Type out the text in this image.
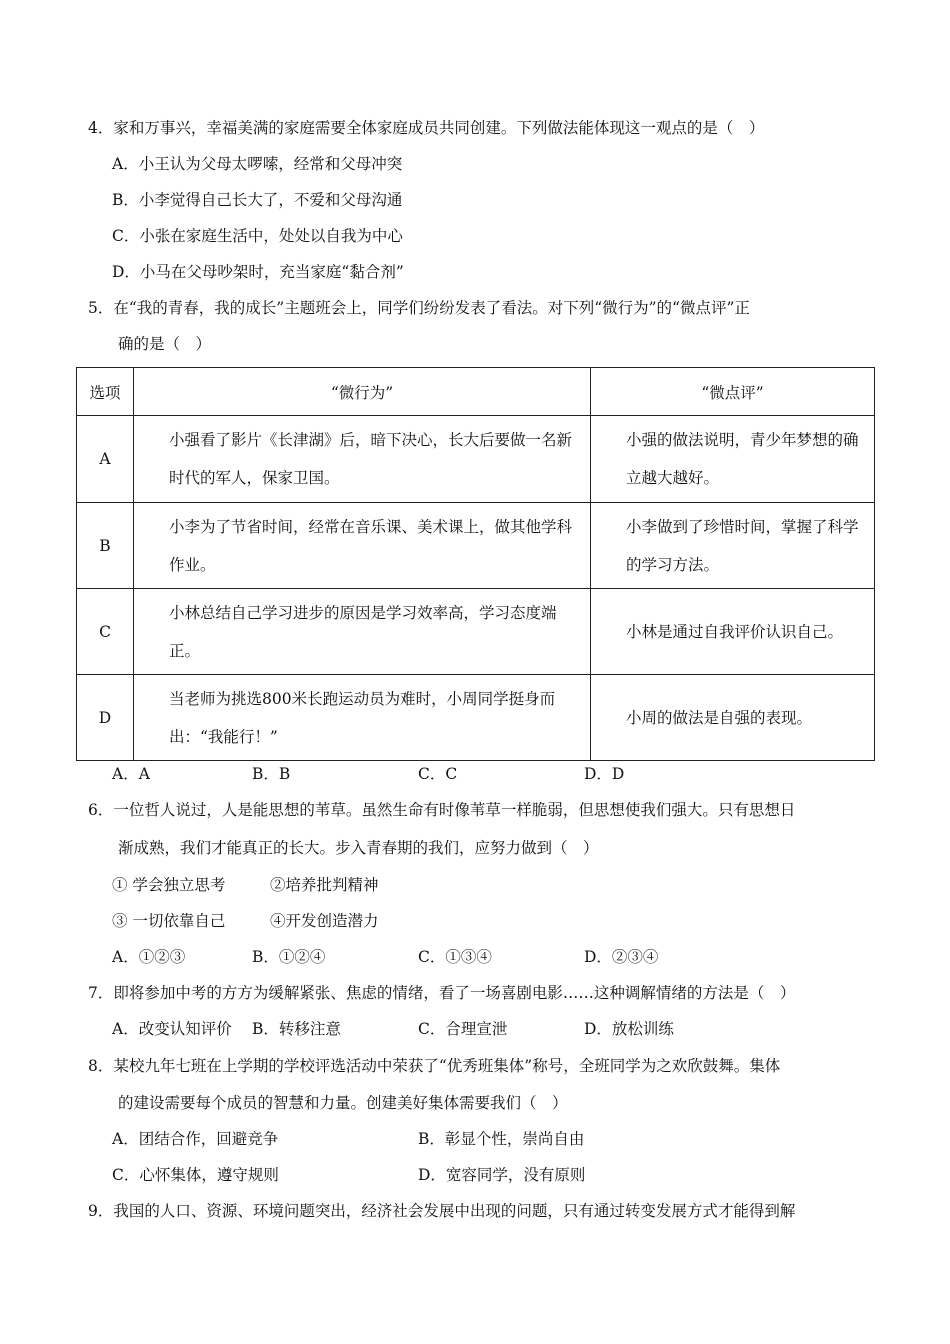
4．家和万事兴，幸福美满的家庭需要全体家庭成员共同创建。下列做法能体现这一观点的是（　）
A．小王认为父母太啰嗦，经常和父母冲突
B．小李觉得自己长大了，不爱和父母沟通
C．小张在家庭生活中，处处以自我为中心
D．小马在父母吵架时，充当家庭“黏合剂”
5．在“我的青春，我的成长”主题班会上，同学们纷纷发表了看法。对下列“微行为”的“微点评”正
确的是（　）
选项	“微行为”	“微点评”
A	小强看了影片《长津湖》后，暗下决心，长大后要做一名新时代的军人，保家卫国。	小强的做法说明，青少年梦想的确立越大越好。
B	小李为了节省时间，经常在音乐课、美术课上，做其他学科作业。	小李做到了珍惜时间，掌握了科学的学习方法。
C	小林总结自己学习进步的原因是学习效率高，学习态度端正。	小林是通过自我评价认识自己。
D	当老师为挑选800米长跑运动员为难时，小周同学挺身而出：“我能行！”	小周的做法是自强的表现。
A．A	B．B	C．C	D．D
6．一位哲人说过，人是能思想的苇草。虽然生命有时像苇草一样脆弱，但思想使我们强大。只有思想日
渐成熟，我们才能真正的长大。步入青春期的我们，应努力做到（　）
① 学会独立思考	②培养批判精神
③ 一切依靠自己	④开发创造潜力
A．①②③	B．①②④	C．①③④	D．②③④
7．即将参加中考的方方为缓解紧张、焦虑的情绪，看了一场喜剧电影……这种调解情绪的方法是（　）
A．改变认知评价 B．转移注意	C．合理宣泄	D．放松训练
8．某校九年七班在上学期的学校评选活动中荣获了“优秀班集体”称号，全班同学为之欢欣鼓舞。集体
的建设需要每个成员的智慧和力量。创建美好集体需要我们（　）
A．团结合作，回避竞争	B．彰显个性，崇尚自由
C．心怀集体，遵守规则	D．宽容同学，没有原则
9．我国的人口、资源、环境问题突出，经济社会发展中出现的问题，只有通过转变发展方式才能得到解
